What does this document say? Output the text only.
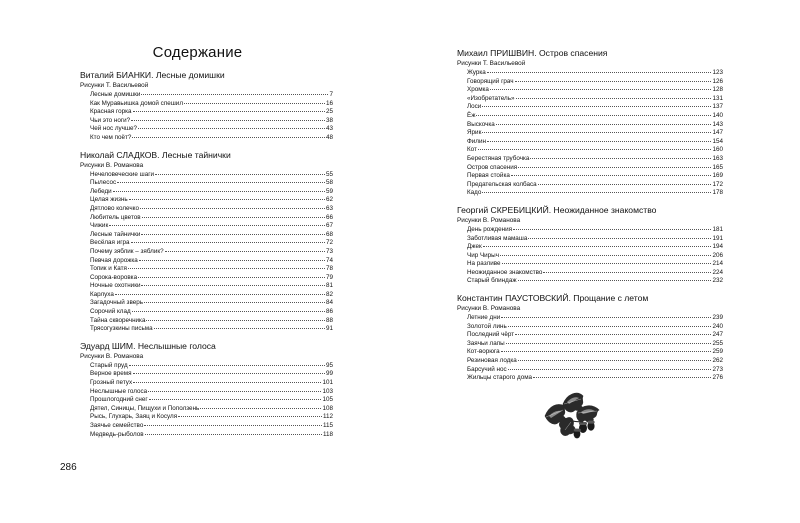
Содержание
Виталий БИАНКИ. Лесные домишки
Рисунки Т. Васильевой
Лесные домишки	7
Как Муравьишка домой спешил	16
Красная горка	25
Чьи это ноги?	38
Чей нос лучше?	43
Кто чем поёт?	48
Николай СЛАДКОВ. Лесные тайнички
Рисунки В. Романова
Нечеловеческие шаги	55
Пылесос	58
Лебеди	59
Целая жизнь	62
Дятлово колечко	63
Любитель цветов	66
Чижик	67
Лесные тайнички	68
Весёлая игра	72
Почему зяблик – зяблик?	73
Певчая дорожка	74
Топик и Катя	78
Сорока-воровка	79
Ночные охотники	81
Карлуха	82
Загадочный зверь	84
Сорочий клад	86
Тайна скворечника	88
Трясогузкины письма	91
Эдуард ШИМ. Неслышные голоса
Рисунки В. Романова
Старый пруд	95
Верное время	99
Грозный петух	101
Неслышные голоса	103
Прошлогодний снег	105
Дятел, Синицы, Пищухи и Поползень	108
Рысь, Глухарь, Заяц и Косуля	112
Заячье семейство	115
Медведь-рыболов	118
Михаил ПРИШВИН. Остров спасения
Рисунки Т. Васильевой
Журка	123
Говорящий грач	126
Хромка	128
«Изобретатель»	131
Лоси	137
Ёж	140
Выскочка	143
Ярик	147
Филин	154
Кот	160
Берестяная трубочка	163
Остров спасения	165
Первая стойка	169
Предательская колбаса	172
Кадо	178
Георгий СКРЕБИЦКИЙ. Неожиданное знакомство
Рисунки В. Романова
День рождения	181
Заботливая мамаша	191
Джек	194
Чир Чирыч	206
На разливе	214
Неожиданное знакомство	224
Старый блиндаж	232
Константин ПАУСТОВСКИЙ. Прощание с летом
Рисунки В. Романова
Летние дни	239
Золотой линь	240
Последний чёрт	247
Заячьи лапы	255
Кот-ворюга	259
Резиновая лодка	262
Барсучий нос	273
Жильцы старого дома	276
286
